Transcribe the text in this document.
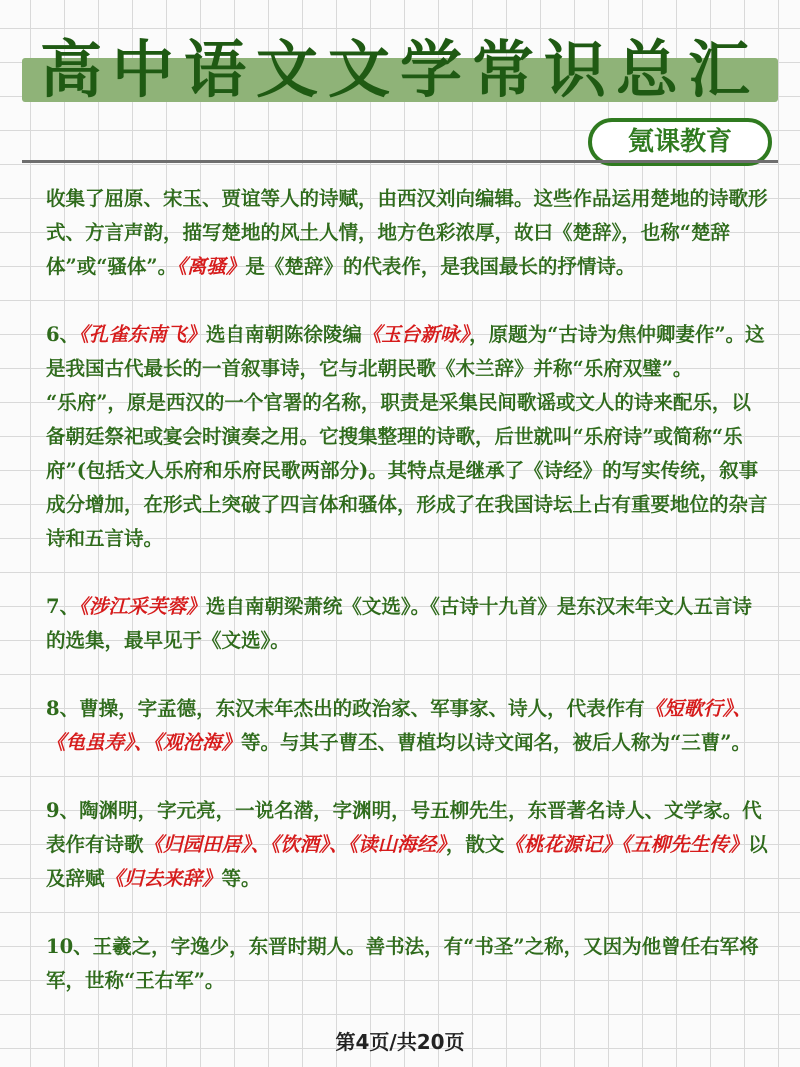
高中语文文学常识总汇
氪课教育

收集了屈原、宋玉、贾谊等人的诗赋，由西汉刘向编辑。这些作品运用楚地的诗歌形式、方言声韵，描写楚地的风土人情，地方色彩浓厚，故曰《楚辞》，也称“楚辞体”或“骚体”。《离骚》是《楚辞》的代表作，是我国最长的抒情诗。

6、《孔雀东南飞》选自南朝陈徐陵编《玉台新咏》，原题为“古诗为焦仲卿妻作”。这是我国古代最长的一首叙事诗，它与北朝民歌《木兰辞》并称“乐府双璧”。

“乐府”，原是西汉的一个官署的名称，职责是采集民间歌谣或文人的诗来配乐，以备朝廷祭祀或宴会时演奏之用。它搜集整理的诗歌，后世就叫“乐府诗”或简称“乐府”(包括文人乐府和乐府民歌两部分)。其特点是继承了《诗经》的写实传统，叙事成分增加，在形式上突破了四言体和骚体，形成了在我国诗坛上占有重要地位的杂言诗和五言诗。

7、《涉江采芙蓉》选自南朝梁萧统《文选》。《古诗十九首》是东汉末年文人五言诗的选集，最早见于《文选》。

8、曹操，字孟德，东汉末年杰出的政治家、军事家、诗人，代表作有《短歌行》、《龟虽寿》、《观沧海》等。与其子曹丕、曹植均以诗文闻名，被后人称为“三曹”。

9、陶渊明，字元亮，一说名潜，字渊明，号五柳先生，东晋著名诗人、文学家。代表作有诗歌《归园田居》、《饮酒》、《读山海经》，散文《桃花源记》《五柳先生传》以及辞赋《归去来辞》等。

10、王羲之，字逸少，东晋时期人。善书法，有“书圣”之称，又因为他曾任右军将军，世称“王右军”。

第4页/共20页
